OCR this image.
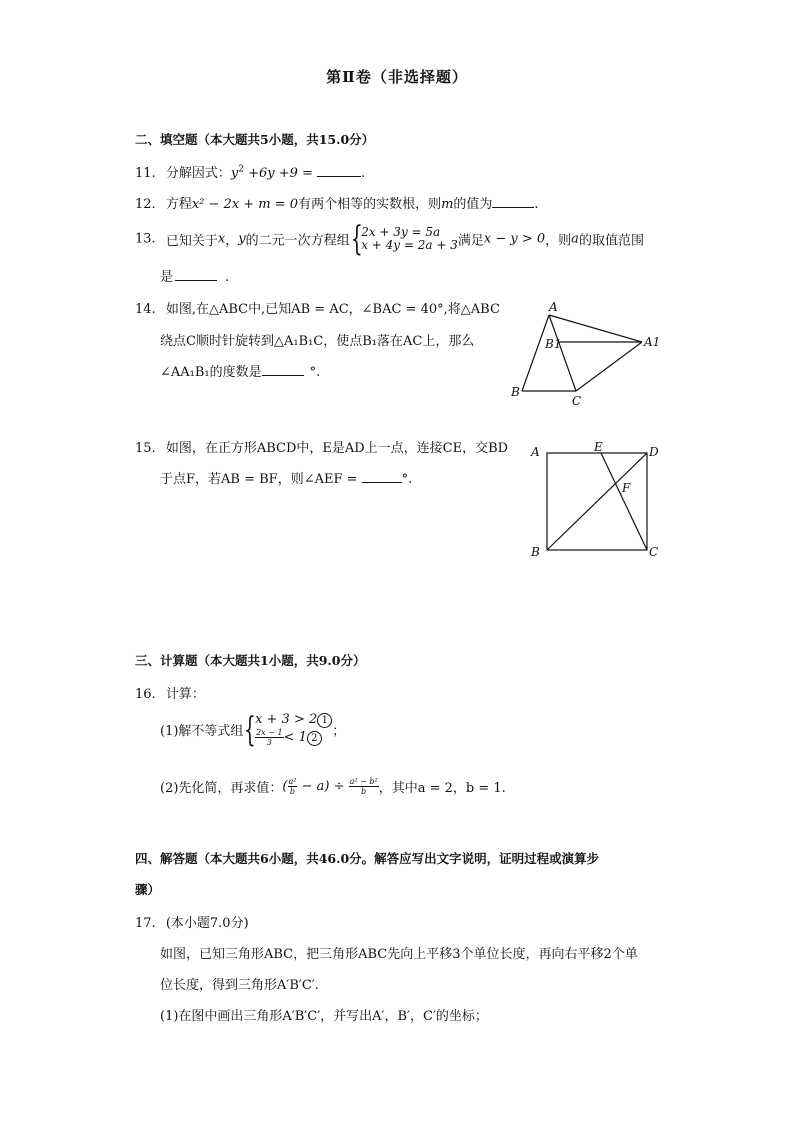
第Ⅱ卷（非选择题）
二、填空题（本大题共5小题，共15.0分）
11. 分解因式：$y^2 +6y +9$ =	.
12. 方程x² − 2x + m = 0有两个相等的实数根，则m的值为	.
13. 已知关于x，y的二元一次方程组{
2x + 3y = 5a
x + 4y = 2a + 3 满足x − y > 0，则a的取值范围
是	.
14. 如图,在△ABC中,已知AB = AC，∠BAC = 40°,将△ABC
绕点C顺时针旋转到△A₁B₁C，使点B₁落在AC上，那么
∠AA₁B₁的度数是	°.
A
B1	A1
B
C
15. 如图，在正方形ABCD中，E是AD上一点，连接CE，交BD
于点F，若AB = BF，则∠AEF =	°.
A	E	D
F
B	C
三、计算题（本大题共1小题，共9.0分）
16. 计算：
(1)解不等式组{
x + 3 > 2 1
$\frac{2x - 1}{3} < 1$ 2	；
(2)先化简，再求值：( $\frac{\text{a²}}{b} - a) \div \frac{\text{a² − b²}}{b}$ ，其中a = 2，b = 1.
四、解答题（本大题共6小题，共46.0分。解答应写出文字说明，证明过程或演算步
骤）
17. (本小题7.0分)
如图，已知三角形ABC，把三角形ABC先向上平移3个单位长度，再向右平移2个单
位长度，得到三角形A′B′C′.
(1)在图中画出三角形A′B′C′，并写出A′，B′，C′的坐标；
